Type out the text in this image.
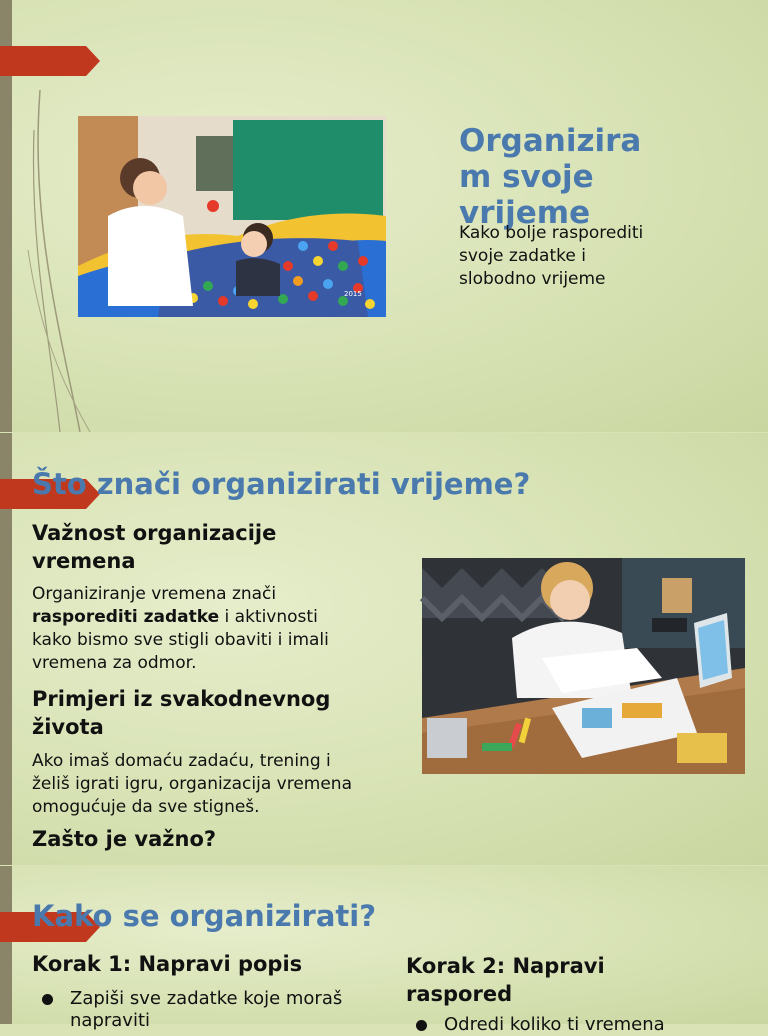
2015
Organizira
m svoje
vrijeme

Kako bolje rasporediti
svoje zadatke i
slobodno vrijeme

Što znači organizirati vrijeme?
Važnost organizacije
vremena

Organiziranje vremena znači
rasporediti zadatke i aktivnosti
kako bismo sve stigli obaviti i imali
vremena za odmor.

Primjeri iz svakodnevnog
života

Ako imaš domaću zadaću, trening i
želiš igrati igru, organizacija vremena
omogućuje da sve stigneš.

Zašto je važno?
Kako se organizirati?
Korak 1: Napravi popis
Zapiši sve zadatke koje moraš
napraviti
Korak 2: Napravi
raspored
Odredi koliko ti vremena
